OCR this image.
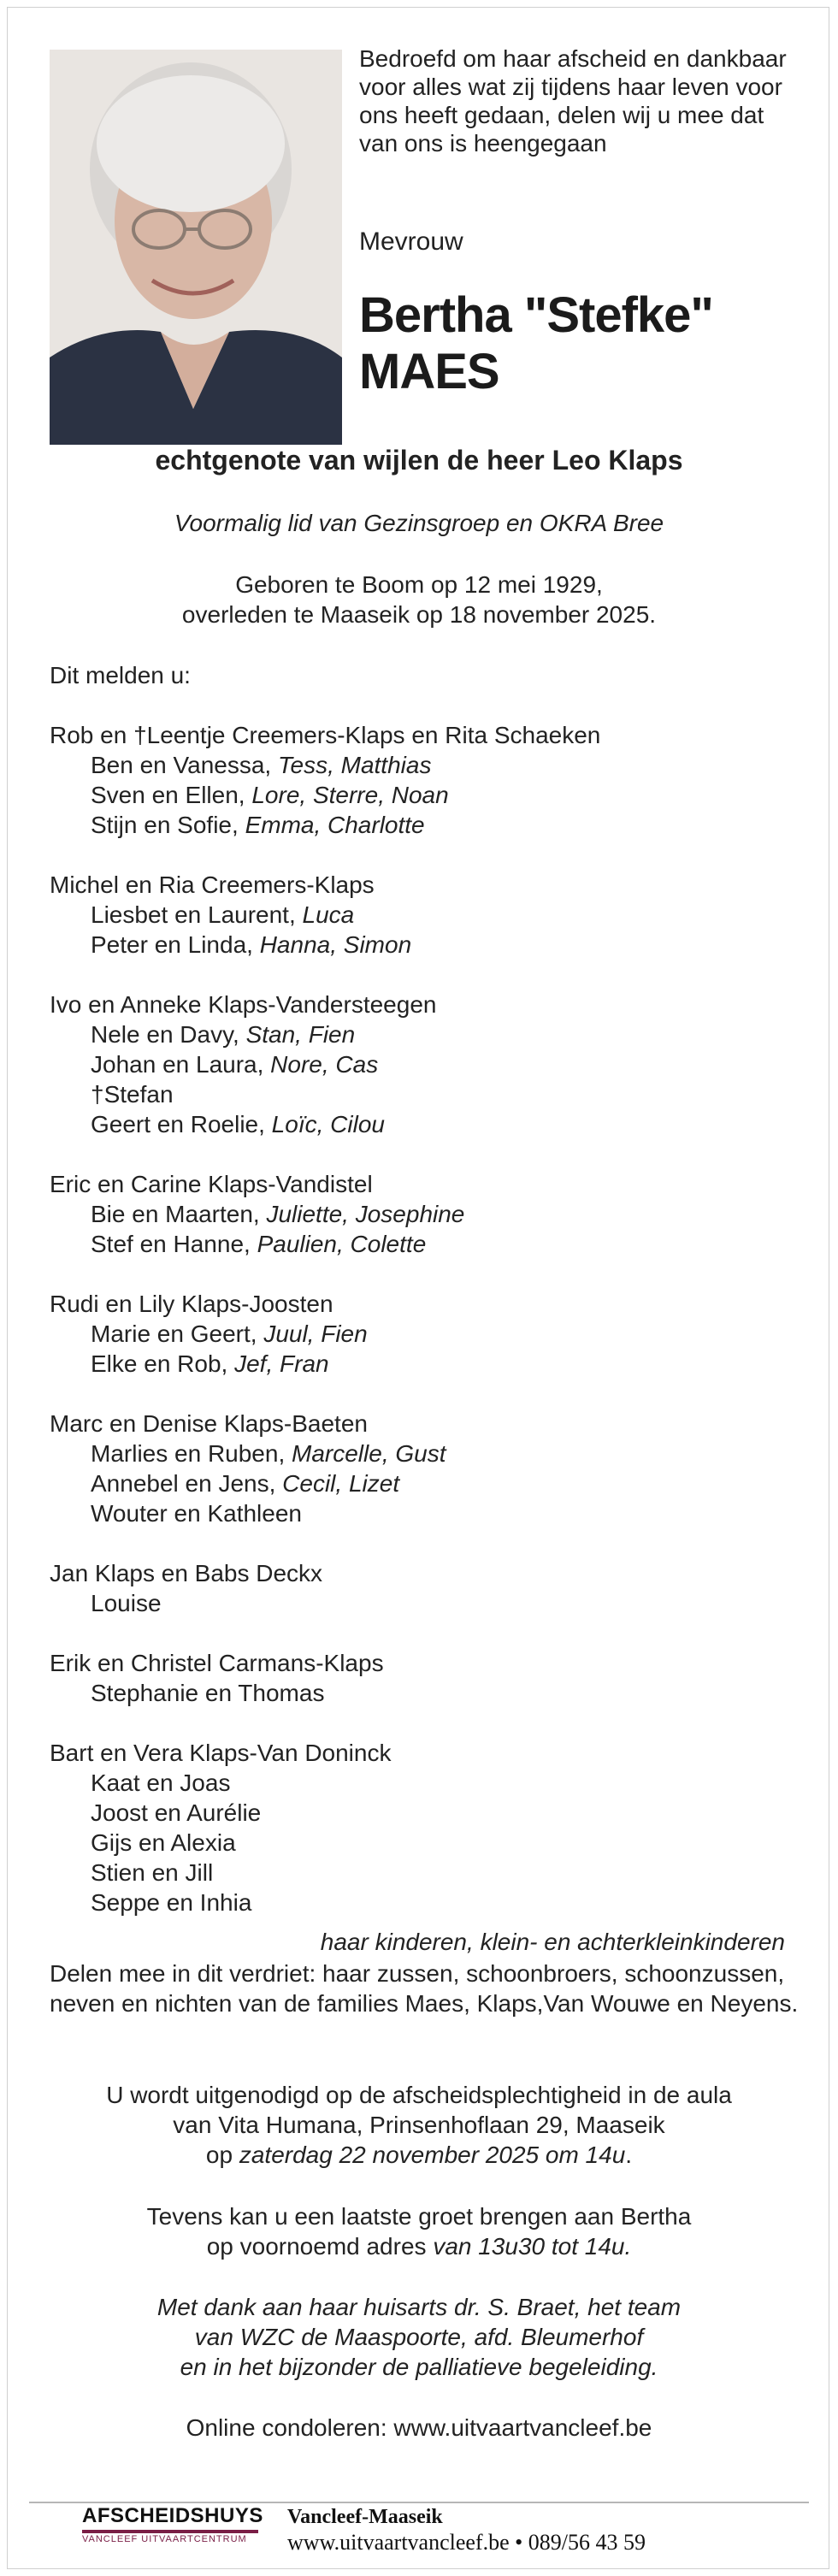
Bedroefd om haar afscheid en dankbaar voor alles wat zij tijdens haar leven voor ons heeft gedaan, delen wij u mee dat van ons is heengegaan
Mevrouw
Bertha "Stefke"
MAES
echtgenote van wijlen de heer Leo Klaps
Voormalig lid van Gezinsgroep en OKRA Bree
Geboren te Boom op 12 mei 1929,
overleden te Maaseik op 18 november 2025.
Dit melden u:
Rob en †Leentje Creemers-Klaps en Rita Schaeken
Ben en Vanessa, Tess, Matthias
Sven en Ellen, Lore, Sterre, Noan
Stijn en Sofie, Emma, Charlotte
Michel en Ria Creemers-Klaps
Liesbet en Laurent, Luca
Peter en Linda, Hanna, Simon
Ivo en Anneke Klaps-Vandersteegen
Nele en Davy, Stan, Fien
Johan en Laura, Nore, Cas
†Stefan
Geert en Roelie, Loïc, Cilou
Eric en Carine Klaps-Vandistel
Bie en Maarten, Juliette, Josephine
Stef en Hanne, Paulien, Colette
Rudi en Lily Klaps-Joosten
Marie en Geert, Juul, Fien
Elke en Rob, Jef, Fran
Marc en Denise Klaps-Baeten
Marlies en Ruben, Marcelle, Gust
Annebel en Jens, Cecil, Lizet
Wouter en Kathleen
Jan Klaps en Babs Deckx
Louise
Erik en Christel Carmans-Klaps
Stephanie en Thomas
Bart en Vera Klaps-Van Doninck
Kaat en Joas
Joost en Aurélie
Gijs en Alexia
Stien en Jill
Seppe en Inhia
haar kinderen, klein- en achterkleinkinderen
Delen mee in dit verdriet: haar zussen, schoonbroers, schoonzussen, neven en nichten van de families Maes, Klaps,Van Wouwe en Neyens.
U wordt uitgenodigd op de afscheidsplechtigheid in de aula
van Vita Humana, Prinsenhoflaan 29, Maaseik
op zaterdag 22 november 2025 om 14u.
Tevens kan u een laatste groet brengen aan Bertha
op voornoemd adres van 13u30 tot 14u.
Met dank aan haar huisarts dr. S. Braet, het team
van WZC de Maaspoorte, afd. Bleumerhof
en in het bijzonder de palliatieve begeleiding.
Online condoleren: www.uitvaartvancleef.be
AFSCHEIDSHUYS
VANCLEEF UITVAARTCENTRUM
Vancleef-Maaseik
www.uitvaartvancleef.be • 089/56 43 59
